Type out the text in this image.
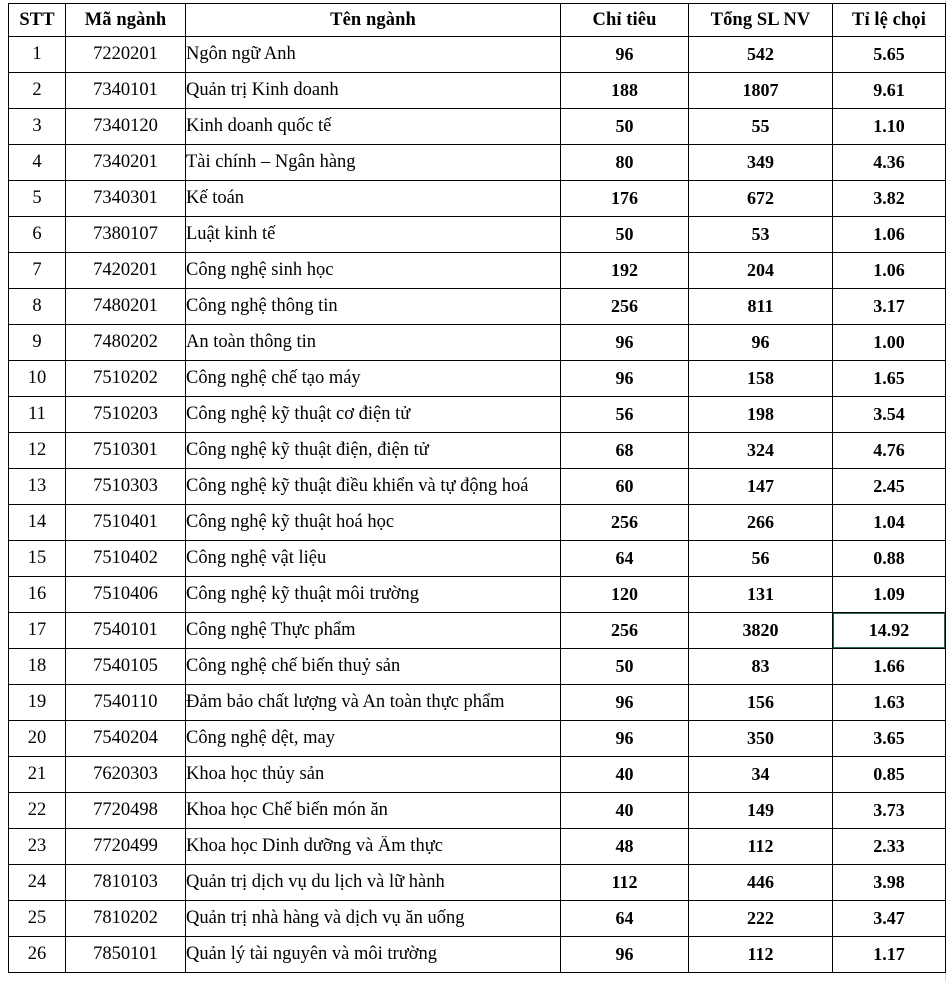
STT	Mã ngành	Tên ngành	Chỉ tiêu	Tổng SL NV	Tỉ lệ chọi
1	7220201	Ngôn ngữ Anh	96	542	5.65
2	7340101	Quản trị Kinh doanh	188	1807	9.61
3	7340120	Kinh doanh quốc tế	50	55	1.10
4	7340201	Tài chính – Ngân hàng	80	349	4.36
5	7340301	Kế toán	176	672	3.82
6	7380107	Luật kinh tế	50	53	1.06
7	7420201	Công nghệ sinh học	192	204	1.06
8	7480201	Công nghệ thông tin	256	811	3.17
9	7480202	An toàn thông tin	96	96	1.00
10	7510202	Công nghệ chế tạo máy	96	158	1.65
11	7510203	Công nghệ kỹ thuật cơ điện tử	56	198	3.54
12	7510301	Công nghệ kỹ thuật điện, điện tử	68	324	4.76
13	7510303	Công nghệ kỹ thuật điều khiển và tự động hoá	60	147	2.45
14	7510401	Công nghệ kỹ thuật hoá học	256	266	1.04
15	7510402	Công nghệ vật liệu	64	56	0.88
16	7510406	Công nghệ kỹ thuật môi trường	120	131	1.09
17	7540101	Công nghệ Thực phẩm	256	3820	14.92
18	7540105	Công nghệ chế biến thuỷ sản	50	83	1.66
19	7540110	Đảm bảo chất lượng và An toàn thực phẩm	96	156	1.63
20	7540204	Công nghệ dệt, may	96	350	3.65
21	7620303	Khoa học thủy sản	40	34	0.85
22	7720498	Khoa học Chế biến món ăn	40	149	3.73
23	7720499	Khoa học Dinh dưỡng và Ẩm thực	48	112	2.33
24	7810103	Quản trị dịch vụ du lịch và lữ hành	112	446	3.98
25	7810202	Quản trị nhà hàng và dịch vụ ăn uống	64	222	3.47
26	7850101	Quản lý tài nguyên và môi trường	96	112	1.17
